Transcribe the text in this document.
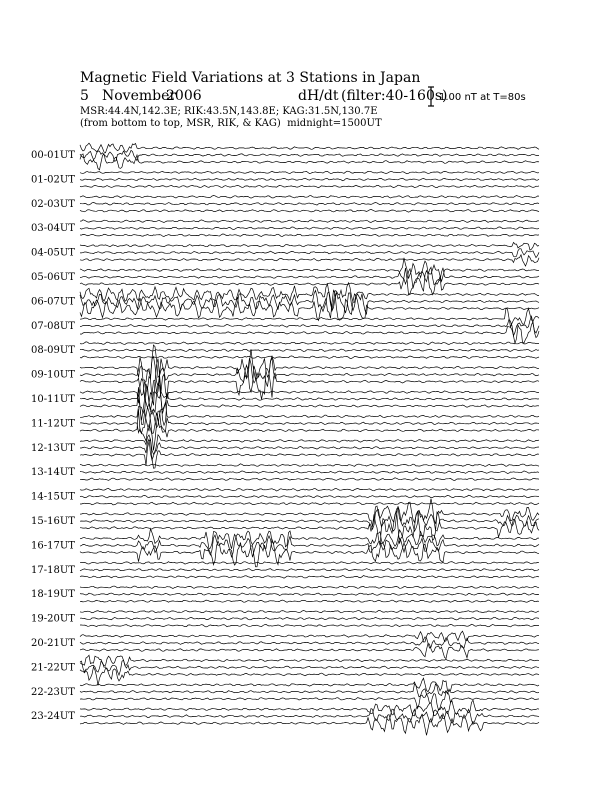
00-01UT
01-02UT
02-03UT
03-04UT
04-05UT
05-06UT
06-07UT
07-08UT
08-09UT
09-10UT
10-11UT
11-12UT
12-13UT
13-14UT
14-15UT
15-16UT
16-17UT
17-18UT
18-19UT
19-20UT
20-21UT
21-22UT
22-23UT
23-24UT
Magnetic Field Variations at 3 Stations in Japan
5 November
2006	dH/dt (filter:40-160s)
MSR:44.4N,142.3E; RIK:43.5N,143.8E; KAG:31.5N,130.7E
(from bottom to top, MSR, RIK, & KAG) midnight=1500UT
1.00 nT at T=80s
